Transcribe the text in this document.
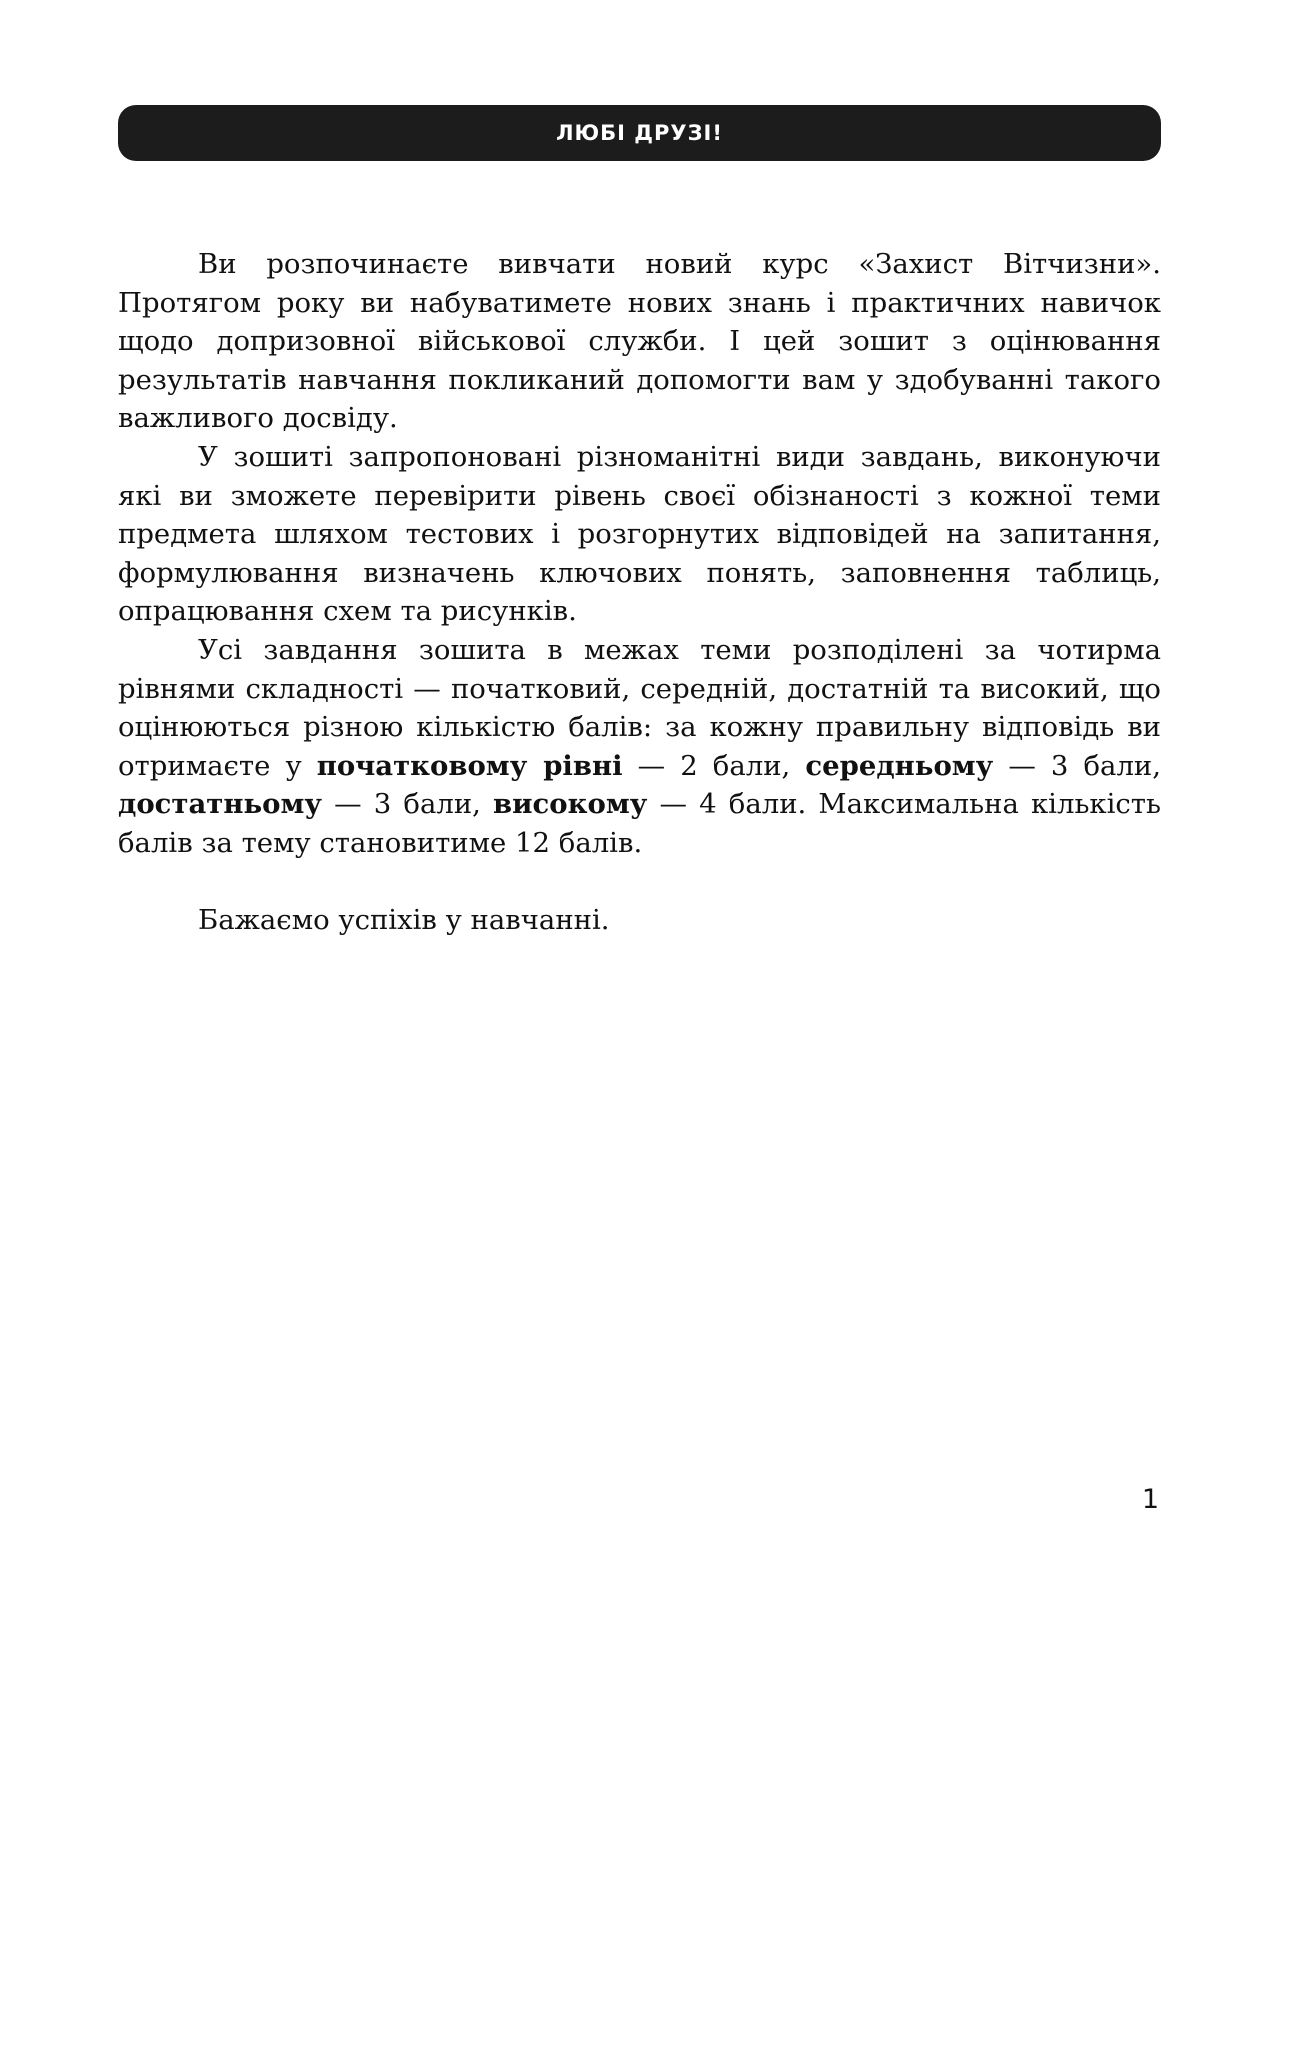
ЛЮБІ ДРУЗІ!

Ви розпочинаєте вивчати новий курс «Захист Вітчизни». Протягом року ви набуватимете нових знань і практичних навичок щодо допризовної військової служби. І цей зошит з оцінювання результатів навчання покликаний допомогти вам у здобуванні такого важливого досвіду.

У зошиті запропоновані різноманітні види завдань, виконуючи які ви зможете перевірити рівень своєї обізнаності з кожної теми предмета шляхом тестових і розгорнутих відповідей на запитання, формулювання визначень ключових понять, заповнення таблиць, опрацювання схем та рисунків.

Усі завдання зошита в межах теми розподілені за чотирма рівнями складності — початковий, середній, достатній та високий, що оцінюються різною кількістю балів: за кожну правильну відповідь ви отримаєте у початковому рівні — 2 бали, середньому — 3 бали, достатньому — 3 бали, високому — 4 бали. Максимальна кількість балів за тему становитиме 12 балів.

Бажаємо успіхів у навчанні.

1
